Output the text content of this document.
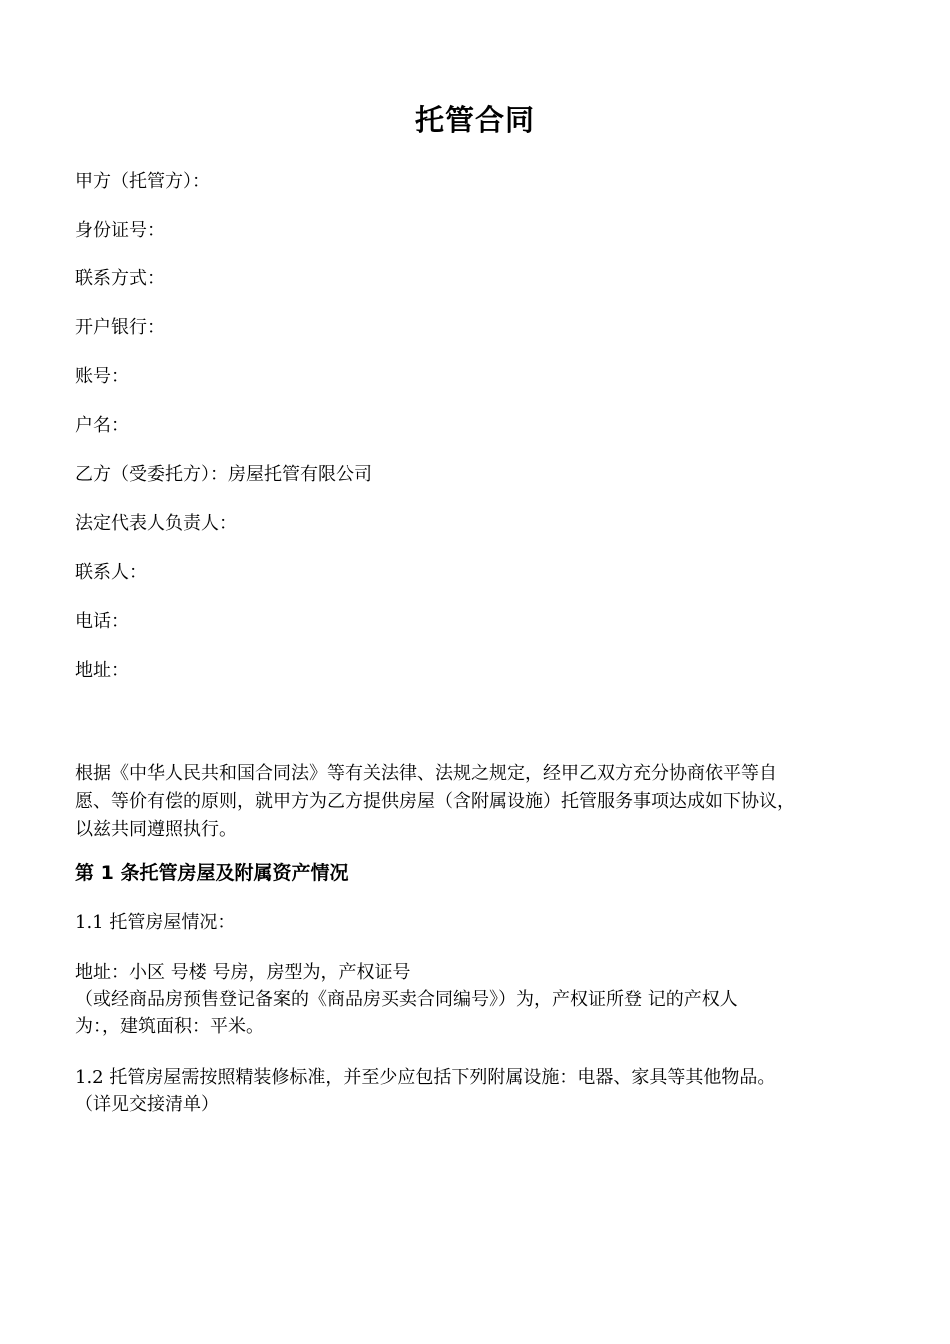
托管合同
甲方（托管方）：
身份证号：
联系方式：
开户银行：
账号：
户名：
乙方（受委托方）：房屋托管有限公司
法定代表人负责人：
联系人：
电话：
地址：

根据《中华人民共和国合同法》等有关法律、法规之规定，经甲乙双方充分协商依平等自

愿、等价有偿的原则，就甲方为乙方提供房屋（含附属设施）托管服务事项达成如下协议，

以兹共同遵照执行。

第 1 条托管房屋及附属资产情况
1.1 托管房屋情况：

地址：小区 号楼 号房，房型为，产权证号

（或经商品房预售登记备案的《商品房买卖合同编号》）为，产权证所登 记的产权人

为：，建筑面积：平米。

1.2 托管房屋需按照精装修标准，并至少应包括下列附属设施：电器、家具等其他物品。

（详见交接清单）
